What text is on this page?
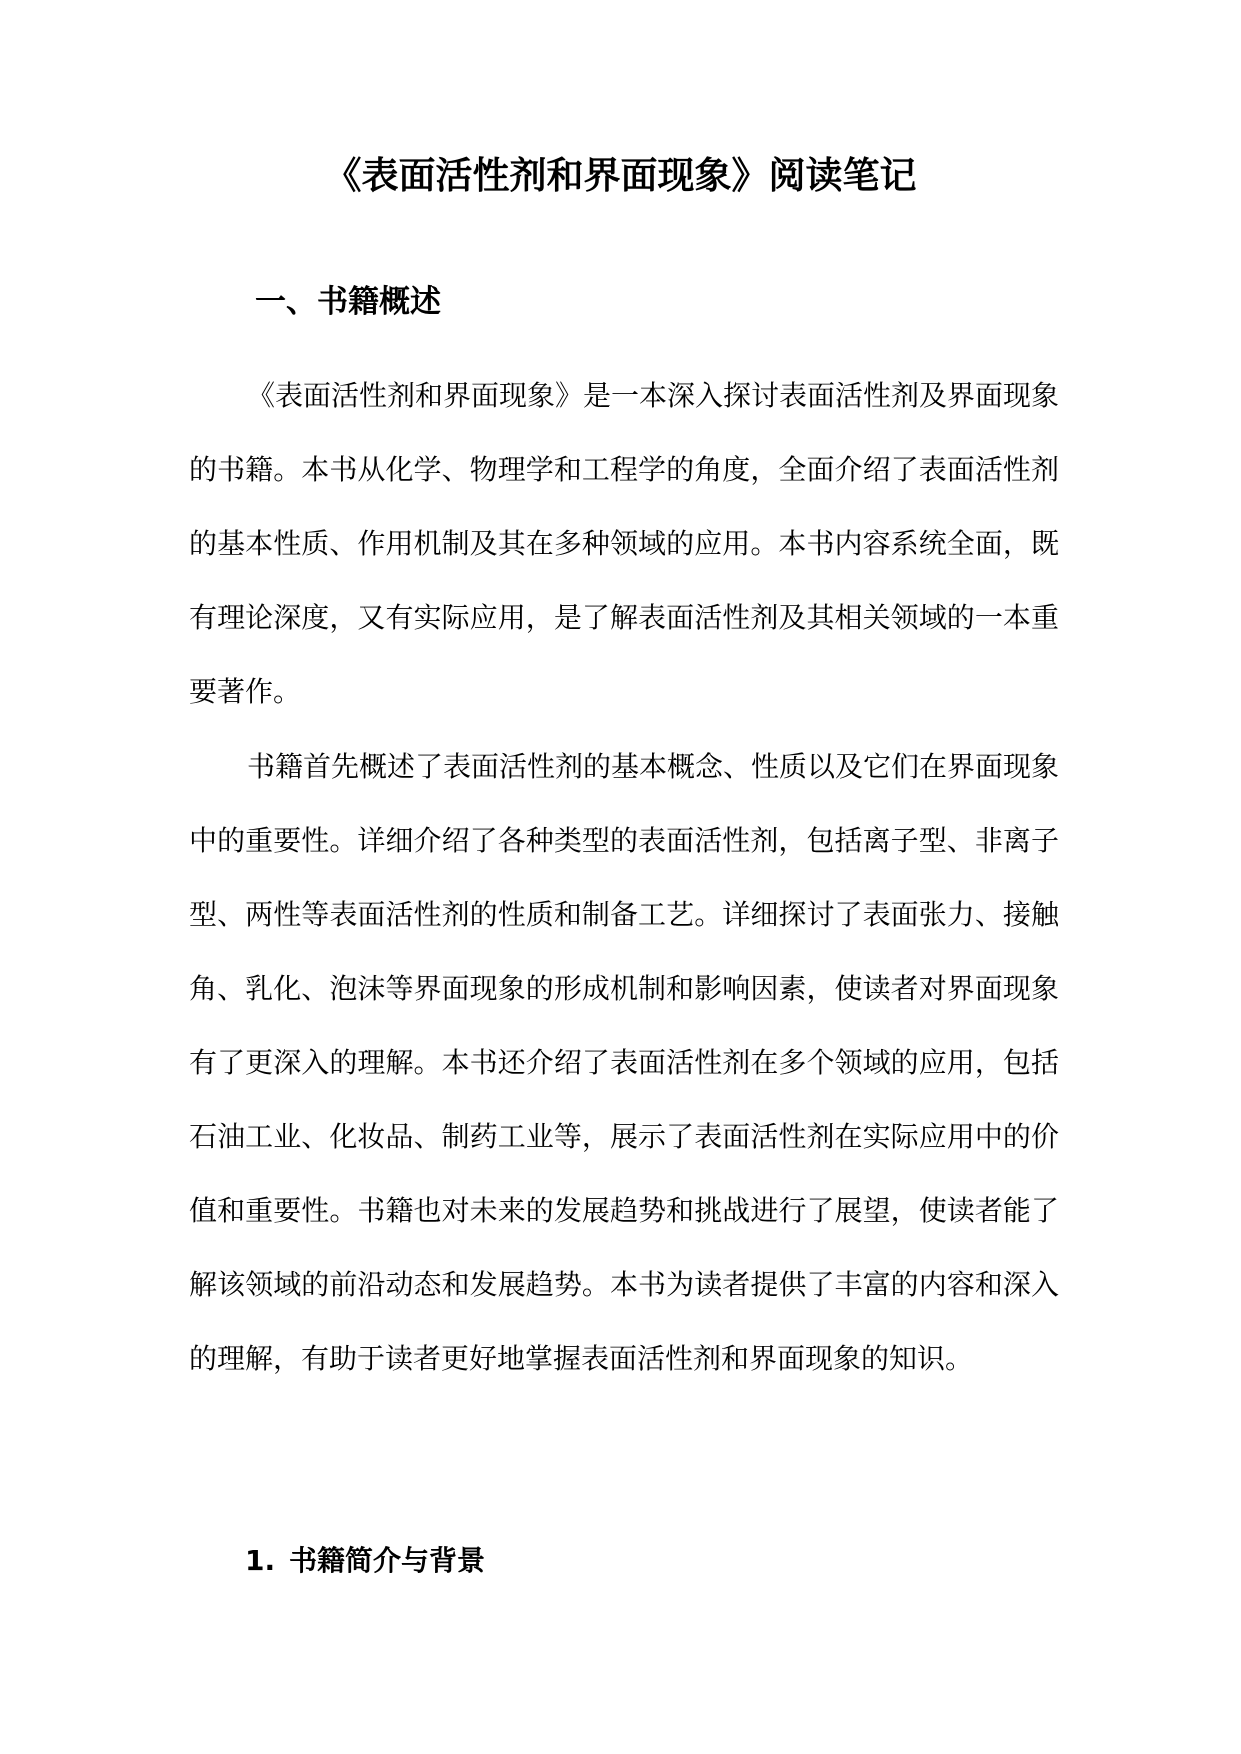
《表面活性剂和界面现象》阅读笔记
一、书籍概述

《表面活性剂和界面现象》是一本深入探讨表面活性剂及界面现象的书籍。本书从化学、物理学和工程学的角度，全面介绍了表面活性剂的基本性质、作用机制及其在多种领域的应用。本书内容系统全面，既有理论深度，又有实际应用，是了解表面活性剂及其相关领域的一本重要著作。

书籍首先概述了表面活性剂的基本概念、性质以及它们在界面现象中的重要性。详细介绍了各种类型的表面活性剂，包括离子型、非离子型、两性等表面活性剂的性质和制备工艺。详细探讨了表面张力、接触角、乳化、泡沫等界面现象的形成机制和影响因素，使读者对界面现象有了更深入的理解。本书还介绍了表面活性剂在多个领域的应用，包括石油工业、化妆品、制药工业等，展示了表面活性剂在实际应用中的价值和重要性。书籍也对未来的发展趋势和挑战进行了展望，使读者能了解该领域的前沿动态和发展趋势。本书为读者提供了丰富的内容和深入的理解，有助于读者更好地掌握表面活性剂和界面现象的知识。

1. 书籍简介与背景
